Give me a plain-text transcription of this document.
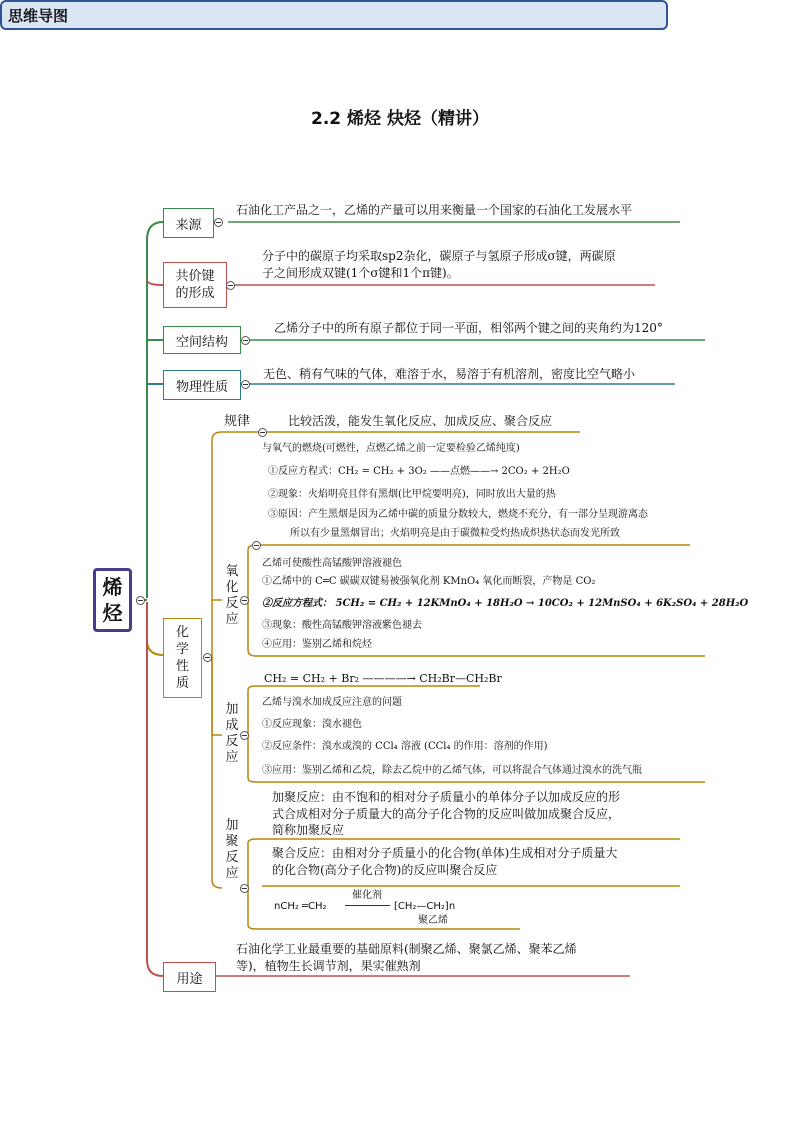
2.2 烯烃 炔烃（精讲）
思维导图
烯
烃
来源
石油化工产品之一，乙烯的产量可以用来衡量一个国家的石油化工发展水平
共价键
的形成
分子中的碳原子均采取sp2杂化，碳原子与氢原子形成σ键，两碳原
子之间形成双键(1个σ键和1个π键)。
空间结构
乙烯分子中的所有原子都位于同一平面，相邻两个键之间的夹角约为120°
物理性质
无色、稍有气味的气体，难溶于水，易溶于有机溶剂，密度比空气略小
化
学
性
质
规律	比较活泼，能发生氧化反应、加成反应、聚合反应
氧
化
反
应
与氧气的燃烧(可燃性，点燃乙烯之前一定要检验乙烯纯度)
①反应方程式：CH₂ = CH₂ + 3O₂ ——点燃——→ 2CO₂ + 2H₂O
②现象：火焰明亮且伴有黑烟(比甲烷要明亮)，同时放出大量的热
③原因：产生黑烟是因为乙烯中碳的质量分数较大，燃烧不充分，有一部分呈现游离态
所以有少量黑烟冒出；火焰明亮是由于碳微粒受灼热成炽热状态而发光所致
乙烯可使酸性高锰酸钾溶液褪色
①乙烯中的 C═C 碳碳双键易被强氧化剂 KMnO₄ 氧化而断裂，产物是 CO₂
②反应方程式： 5CH₂ = CH₂ + 12KMnO₄ + 18H₂O → 10CO₂ + 12MnSO₄ + 6K₂SO₄ + 28H₂O
③现象：酸性高锰酸钾溶液紫色褪去
④应用：鉴别乙烯和烷烃
加
成
反
应
CH₂ = CH₂ + Br₂ ————→ CH₂Br—CH₂Br
乙烯与溴水加成反应注意的问题
①反应现象：溴水褪色
②反应条件：溴水或溴的 CCl₄ 溶液 (CCl₄ 的作用：溶剂的作用)
③应用：鉴别乙烯和乙烷，除去乙烷中的乙烯气体，可以将混合气体通过溴水的洗气瓶
加
聚
反
应
加聚反应：由不饱和的相对分子质量小的单体分子以加成反应的形
式合成相对分子质量大的高分子化合物的反应叫做加成聚合反应，
简称加聚反应
聚合反应：由相对分子质量小的化合物(单体)生成相对分子质量大
的化合物(高分子化合物)的反应叫聚合反应
nCH₂ ═CH₂
催化剂
⁅CH₂—CH₂⁆n
聚乙烯
用途
石油化学工业最重要的基础原料(制聚乙烯、聚氯乙烯、聚苯乙烯
等)，植物生长调节剂，果实催熟剂
